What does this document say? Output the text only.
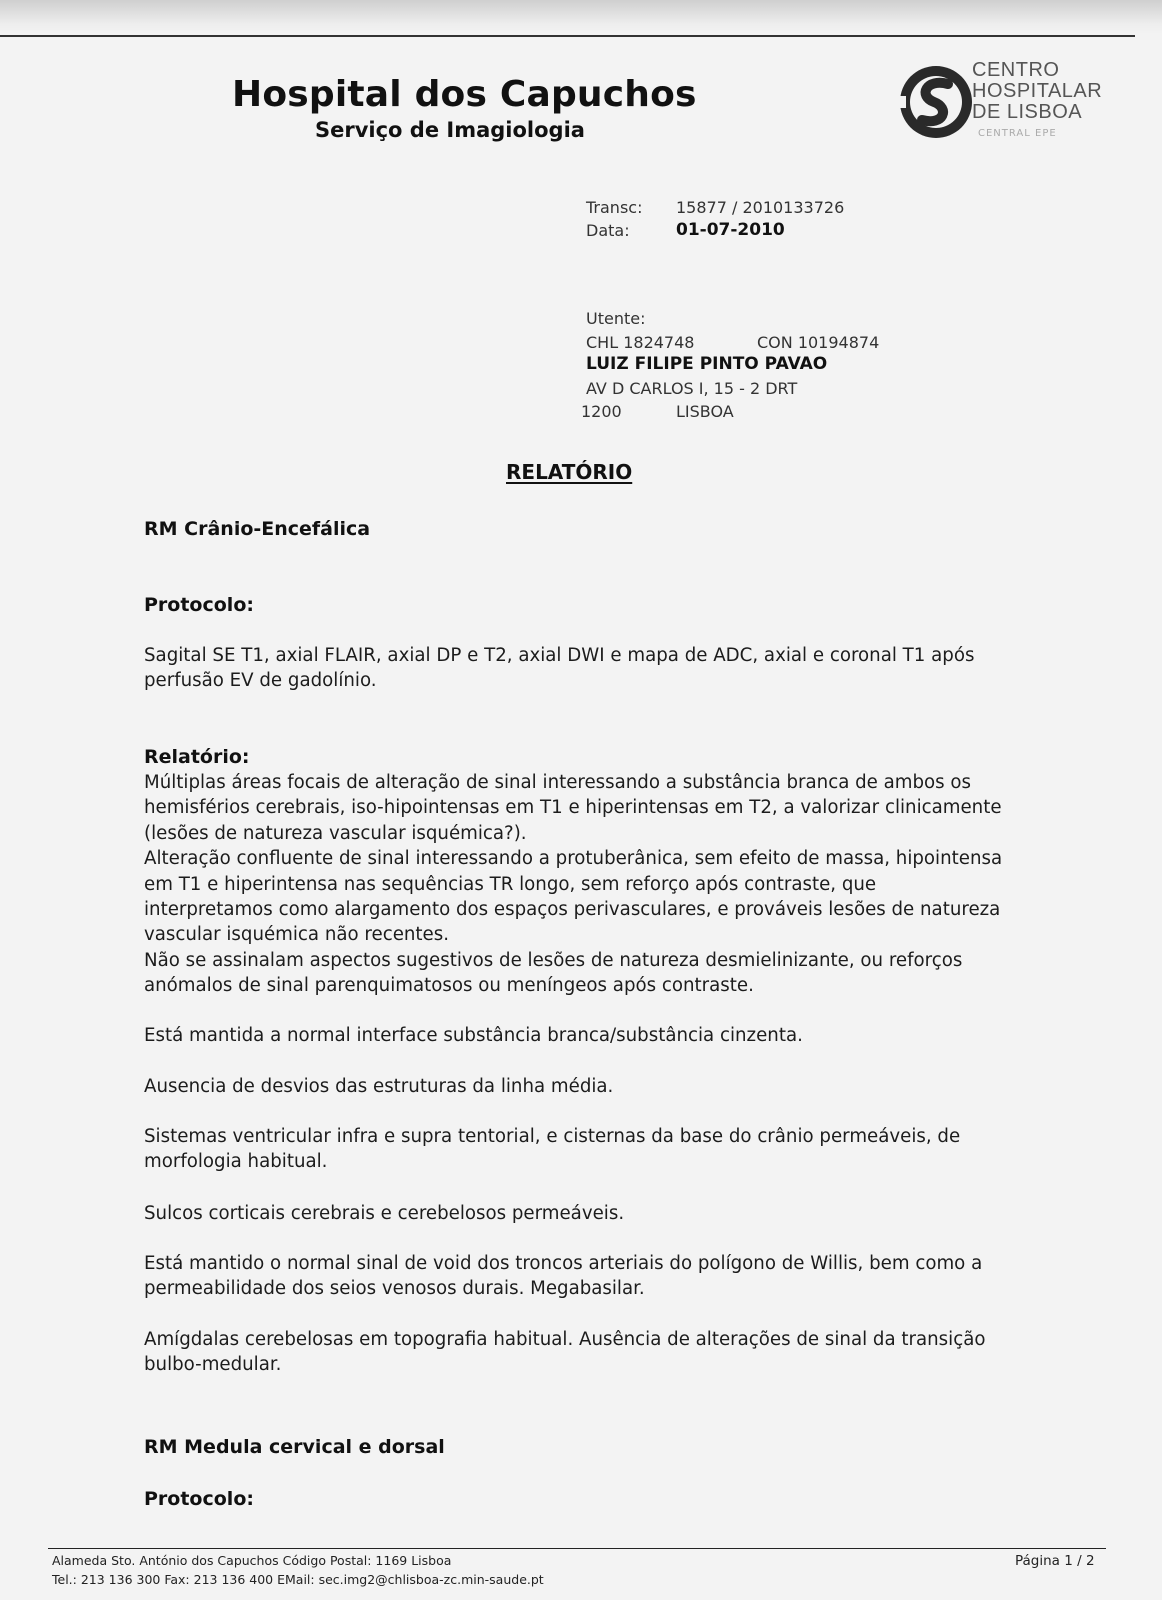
Hospital dos Capuchos
Serviço de Imagiologia
CENTRO
HOSPITALAR
DE LISBOA
CENTRAL EPE
Transc: 15877 / 2010133726
Data:	01-07-2010
Utente:
CHL 1824748	CON 10194874
LUIZ FILIPE PINTO PAVAO
AV D CARLOS I, 15 - 2 DRT
1200	LISBOA
RELATÓRIO
RM Crânio-Encefálica
Protocolo:
Sagital SE T1, axial FLAIR, axial DP e T2, axial DWI e mapa de ADC, axial e coronal T1 após
perfusão EV de gadolínio.
Relatório:
Múltiplas áreas focais de alteração de sinal interessando a substância branca de ambos os
hemisférios cerebrais, iso-hipointensas em T1 e hiperintensas em T2, a valorizar clinicamente
(lesões de natureza vascular isquémica?).
Alteração confluente de sinal interessando a protuberânica, sem efeito de massa, hipointensa
em T1 e hiperintensa nas sequências TR longo, sem reforço após contraste, que
interpretamos como alargamento dos espaços perivasculares, e prováveis lesões de natureza
vascular isquémica não recentes.
Não se assinalam aspectos sugestivos de lesões de natureza desmielinizante, ou reforços
anómalos de sinal parenquimatosos ou meníngeos após contraste.
Está mantida a normal interface substância branca/substância cinzenta.
Ausencia de desvios das estruturas da linha média.
Sistemas ventricular infra e supra tentorial, e cisternas da base do crânio permeáveis, de
morfologia habitual.
Sulcos corticais cerebrais e cerebelosos permeáveis.
Está mantido o normal sinal de void dos troncos arteriais do polígono de Willis, bem como a
permeabilidade dos seios venosos durais. Megabasilar.
Amígdalas cerebelosas em topografia habitual. Ausência de alterações de sinal da transição
bulbo-medular.
RM Medula cervical e dorsal
Protocolo:
Alameda Sto. António dos Capuchos Código Postal: 1169 Lisboa
Tel.: 213 136 300 Fax: 213 136 400 EMail: sec.img2@chlisboa-zc.min-saude.pt
Página 1 / 2
